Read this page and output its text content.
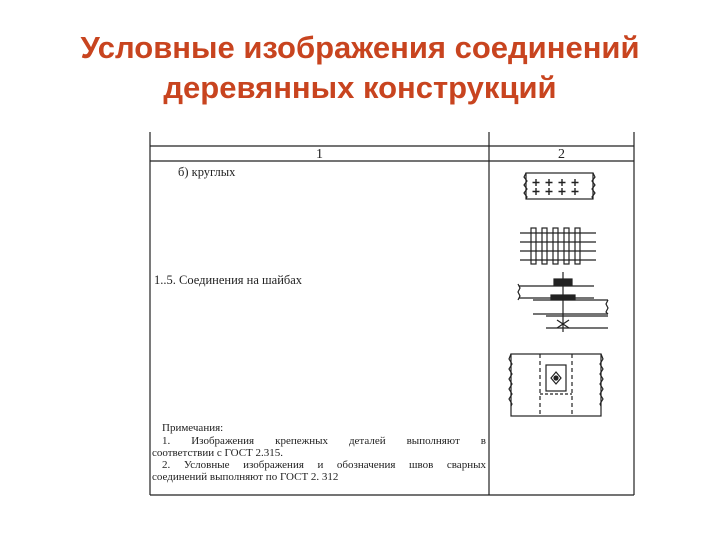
Условные изображения соединений
деревянных конструкций
1	2
б) круглых
1..5. Соединения на шайбах
Примечания:
1. Изображения крепежных деталей выполняют в
соответствии с ГОСТ 2.315.
2. Условные изображения и обозначения швов сварных
соединений выполняют по ГОСТ 2. 312
